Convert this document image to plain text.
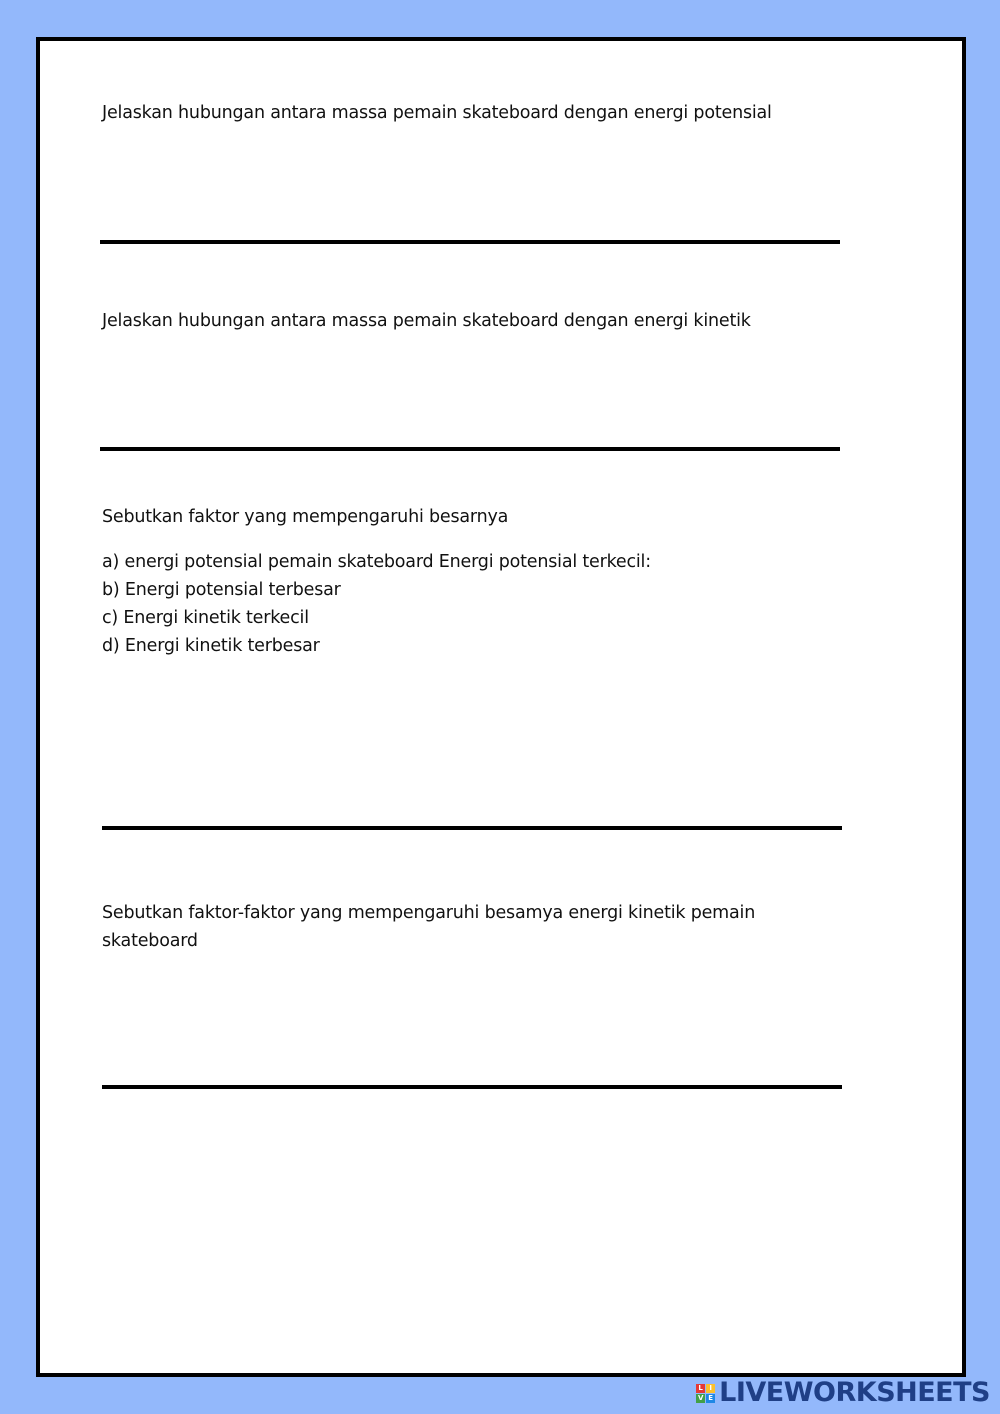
Jelaskan hubungan antara massa pemain skateboard dengan energi potensial

Jelaskan hubungan antara massa pemain skateboard dengan energi kinetik

Sebutkan faktor yang mempengaruhi besarnya

a) energi potensial pemain skateboard Energi potensial terkecil:
b) Energi potensial terbesar
c) Energi kinetik terkecil
d) Energi kinetik terbesar

Sebutkan faktor-faktor yang mempengaruhi besamya energi kinetik pemain skateboard

L I
V E LIVEWORKSHEETS
